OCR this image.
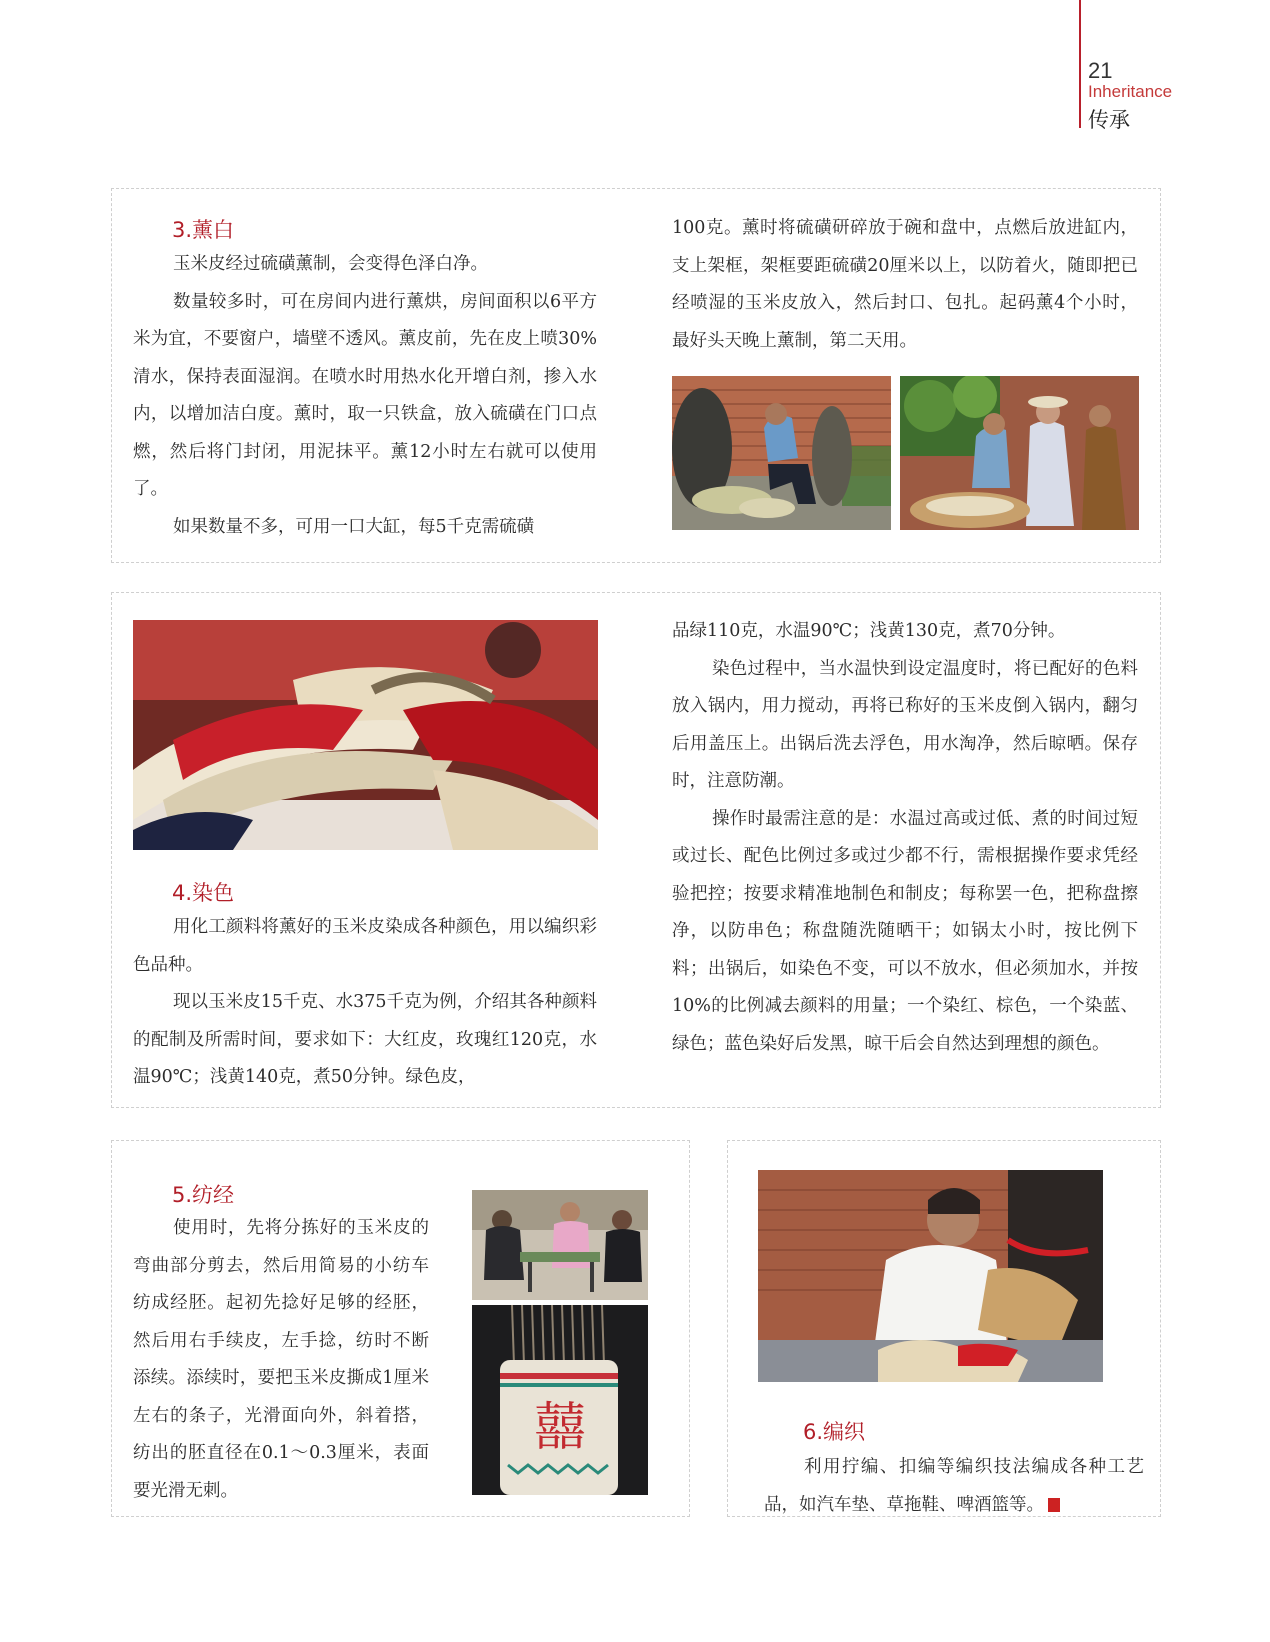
21
Inheritance
传承
3.薰白

玉米皮经过硫磺薰制，会变得色泽白净。

数量较多时，可在房间内进行薰烘，房间面积以6平方米为宜，不要窗户，墙壁不透风。薰皮前，先在皮上喷30%清水，保持表面湿润。在喷水时用热水化开增白剂，掺入水内，以增加洁白度。薰时，取一只铁盒，放入硫磺在门口点燃，然后将门封闭，用泥抹平。薰12小时左右就可以使用了。

如果数量不多，可用一口大缸，每5千克需硫磺

100克。薰时将硫磺研碎放于碗和盘中，点燃后放进缸内，支上架框，架框要距硫磺20厘米以上，以防着火，随即把已经喷湿的玉米皮放入，然后封口、包扎。起码薰4个小时，最好头天晚上薰制，第二天用。

4.染色

用化工颜料将薰好的玉米皮染成各种颜色，用以编织彩色品种。

现以玉米皮15千克、水375千克为例，介绍其各种颜料的配制及所需时间，要求如下：大红皮，玫瑰红120克，水温90℃；浅黄140克，煮50分钟。绿色皮，

品绿110克，水温90℃；浅黄130克，煮70分钟。

染色过程中，当水温快到设定温度时，将已配好的色料放入锅内，用力搅动，再将已称好的玉米皮倒入锅内，翻匀后用盖压上。出锅后洗去浮色，用水淘净，然后晾晒。保存时，注意防潮。

操作时最需注意的是：水温过高或过低、煮的时间过短或过长、配色比例过多或过少都不行，需根据操作要求凭经验把控；按要求精准地制色和制皮；每称罢一色，把称盘擦净，以防串色；称盘随洗随晒干；如锅太小时，按比例下料；出锅后，如染色不变，可以不放水，但必须加水，并按10%的比例减去颜料的用量；一个染红、棕色，一个染蓝、绿色；蓝色染好后发黑，晾干后会自然达到理想的颜色。

5.纺经

使用时，先将分拣好的玉米皮的弯曲部分剪去，然后用简易的小纺车纺成经胚。起初先捻好足够的经胚，然后用右手续皮，左手捻，纺时不断添续。添续时，要把玉米皮撕成1厘米左右的条子，光滑面向外，斜着搭，纺出的胚直径在0.1～0.3厘米，表面要光滑无刺。

囍	6.编织

利用拧编、扣编等编织技法编成各种工艺品，如汽车垫、草拖鞋、啤酒篮等。	S
